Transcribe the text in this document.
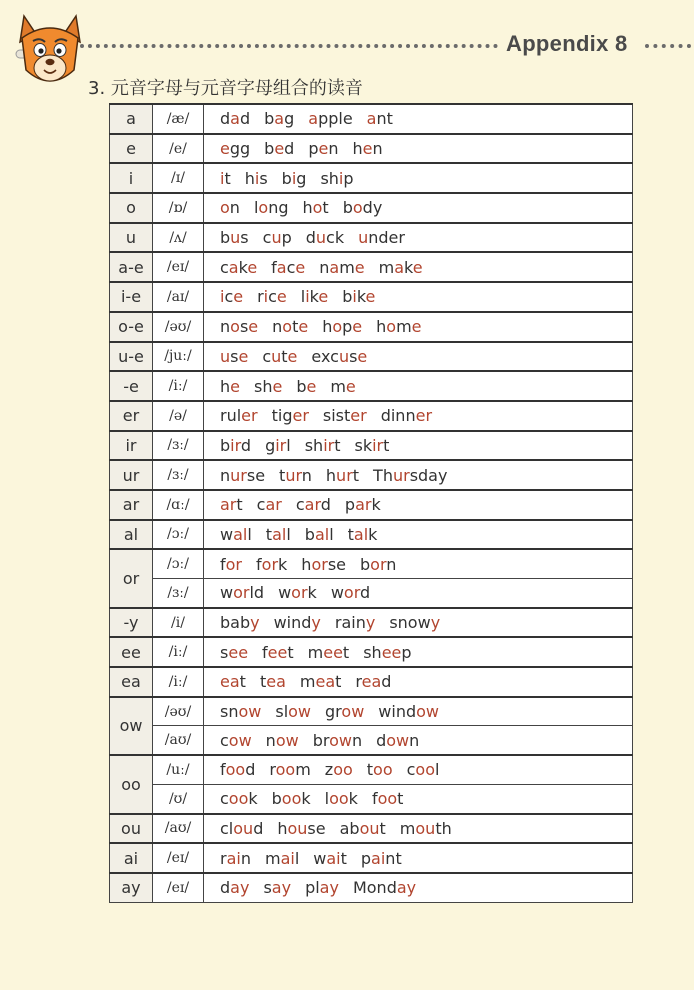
Appendix 8
3. 元音字母与元音字母组合的读音
a	/æ/	dad bag apple ant
e	/e/	egg bed pen hen
i	/ɪ/	it his big ship
o	/ɒ/	on long hot body
u	/ʌ/	bus cup duck under
a-e	/eɪ/	cake face name make
i-e	/aɪ/	ice rice like bike
o-e	/əʊ/	nose note hope home
u-e	/juː/	use cute excuse
-e	/iː/	he she be me
er	/ə/	ruler tiger sister dinner
ir	/ɜː/	bird girl shirt skirt
ur	/ɜː/	nurse turn hurt Thursday
ar	/ɑː/	art car card park
al	/ɔː/	wall tall ball talk
or	/ɔː/	for fork horse born
	/ɜː/	world work word
-y	/i/	baby windy rainy snowy
ee	/iː/	see feet meet sheep
ea	/iː/	eat tea meat read
ow	/əʊ/	snow slow grow window
	/aʊ/	cow now brown down
oo	/uː/	food room zoo too cool
	/ʊ/	cook book look foot
ou	/aʊ/	cloud house about mouth
ai	/eɪ/	rain mail wait paint
ay	/eɪ/	day say play Monday
